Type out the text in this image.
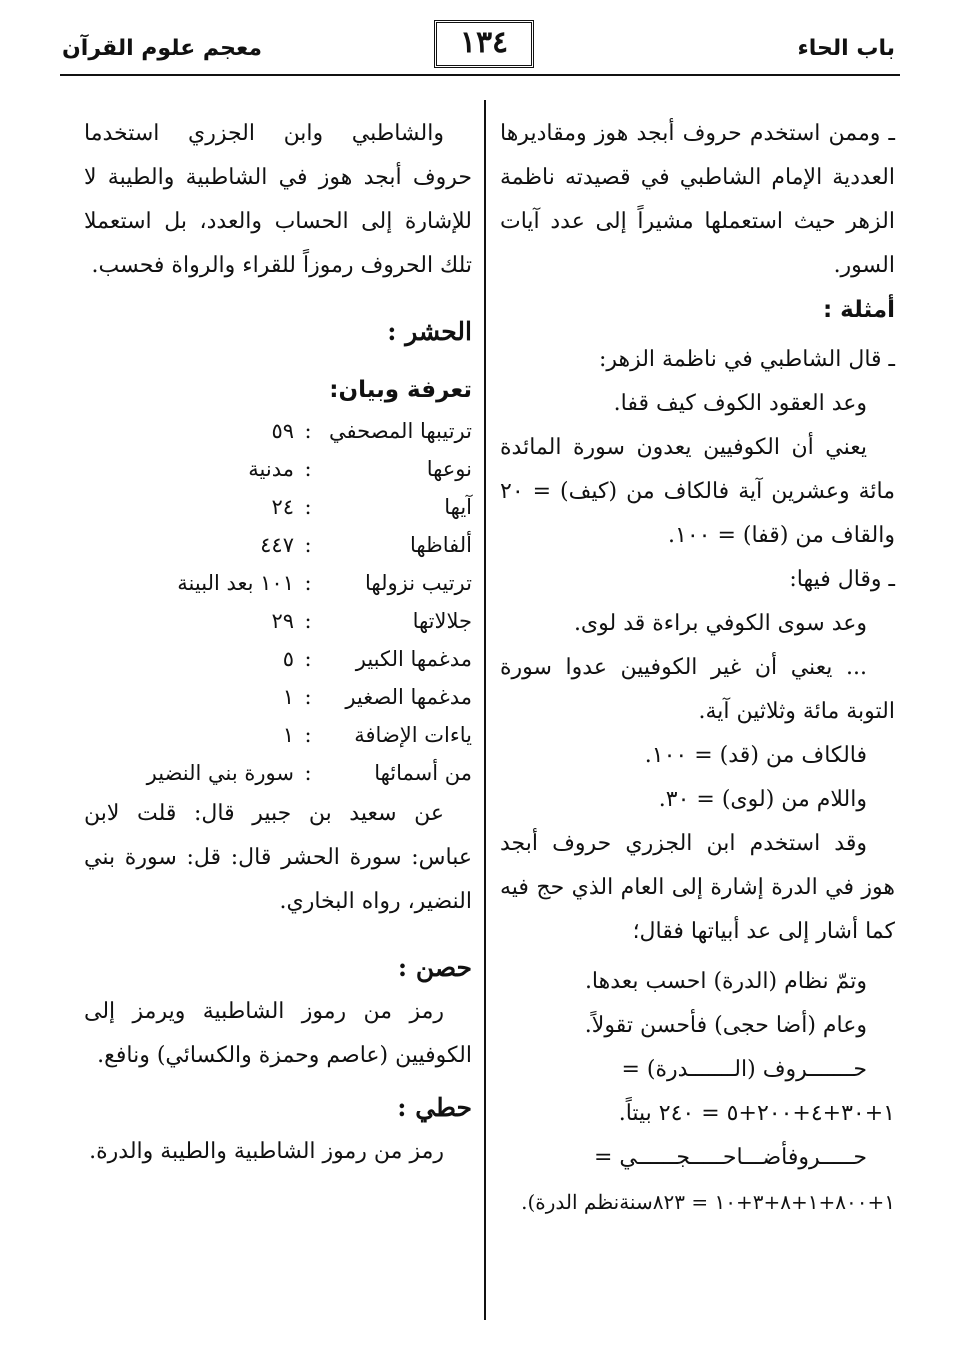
باب الحاء
١٣٤
معجم علوم القرآن

ـ وممن استخدم حروف أبجد هوز ومقاديرها العددية الإمام الشاطبي في قصيدته ناظمة الزهر حيث استعملها مشيراً إلى عدد آيات السور.

أمثلة :

ـ قال الشاطبي في ناظمة الزهر:

وعد العقود الكوف كيف قفا.

يعني أن الكوفيين يعدون سورة المائدة مائة وعشرين آية فالكاف من (كيف) = ٢٠ والقاف من (قفا) = ١٠٠.

ـ وقال فيها:

وعد سوى الكوفي براءة قد لوى.

... يعني أن غير الكوفيين عدوا سورة التوبة مائة وثلاثين آية.

فالكاف من (قد) = ١٠٠.

واللام من (لوى) = ٣٠.

وقد استخدم ابن الجزري حروف أبجد هوز في الدرة إشارة إلى العام الذي حج فيه كما أشار إلى عد أبياتها فقال؛

وتمّ نظام (الدرة) احسب بعدها.

وعام (أضا حجى) فأحسن تقولاً.

حـــــــروف (الـــــــدرة) =

١+٣٠+٤+٢٠٠+٥ = ٢٤٠ بيتاً.

حـــــروفأضـــاحـــــجــــــي =

١+٨٠٠+١+٨+٣+١٠ = ٨٢٣سنةنظم الدرة).

والشاطبي وابن الجزري استخدما حروف أبجد هوز في الشاطبية والطيبة لا للإشارة إلى الحساب والعدد، بل استعملا تلك الحروف رموزاً للقراء والرواة فحسب.

الحشر :

تعرفة وبيان:

ترتيبها المصحفي
:
٥٩
نوعها
:
مدنية
آيها
:
٢٤
ألفاظها
:
٤٤٧
ترتيب نزولها
:
١٠١ بعد البينة
جلالاتها
:
٢٩
مدغمها الكبير
:
٥
مدغمها الصغير
:
١
ياءات الإضافة
:
١
من أسمائها
:
سورة بني النضير

عن سعيد بن جبير قال: قلت لابن عباس: سورة الحشر قال: قل: سورة بني النضير، رواه البخاري.

حصن :

رمز من رموز الشاطبية ويرمز إلى الكوفيين (عاصم وحمزة والكسائي) ونافع.

حطي :

رمز من رموز الشاطبية والطيبة والدرة.
